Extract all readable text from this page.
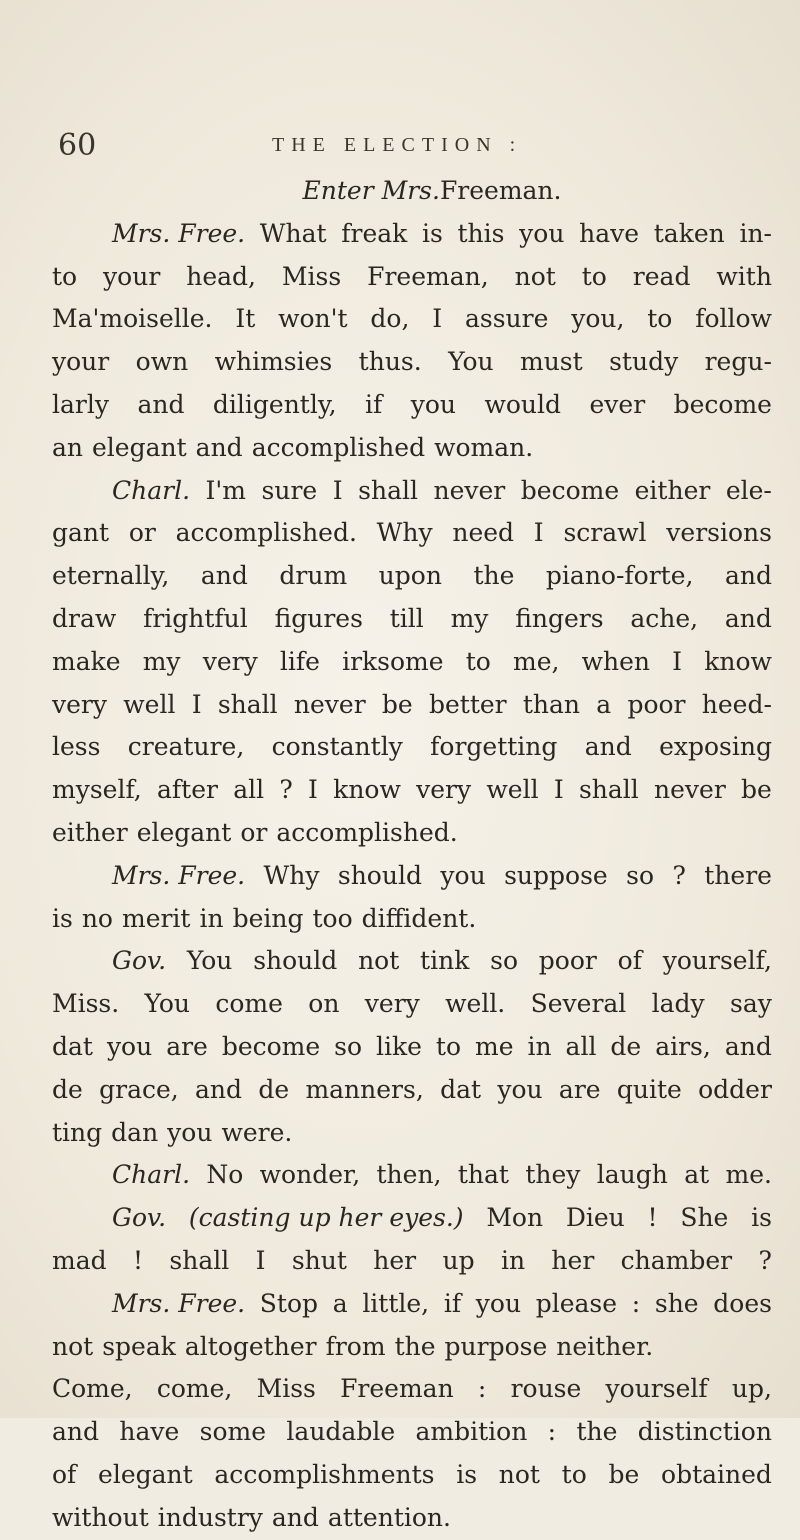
60	THE ELECTION :
Enter Mrs. Freeman.
Mrs. Free. What freak is this you have taken in-
to your head, Miss Freeman, not to read with
Ma'moiselle. It won't do, I assure you, to follow
your own whimsies thus. You must study regu-
larly and diligently, if you would ever become
an elegant and accomplished woman.
Charl. I'm sure I shall never become either ele-
gant or accomplished. Why need I scrawl versions
eternally, and drum upon the piano-forte, and
draw frightful figures till my fingers ache, and
make my very life irksome to me, when I know
very well I shall never be better than a poor heed-
less creature, constantly forgetting and exposing
myself, after all ? I know very well I shall never be
either elegant or accomplished.
Mrs. Free. Why should you suppose so ? there
is no merit in being too diffident.
Gov. You should not tink so poor of yourself,
Miss. You come on very well. Several lady say
dat you are become so like to me in all de airs, and
de grace, and de manners, dat you are quite odder
ting dan you were.
Charl. No wonder, then, that they laugh at me.
Gov. (casting up her eyes.) Mon Dieu ! She is
mad ! shall I shut her up in her chamber ?
Mrs. Free. Stop a little, if you please : she does
not speak altogether from the purpose neither.
Come, come, Miss Freeman : rouse yourself up,
and have some laudable ambition : the distinction
of elegant accomplishments is not to be obtained
without industry and attention.
